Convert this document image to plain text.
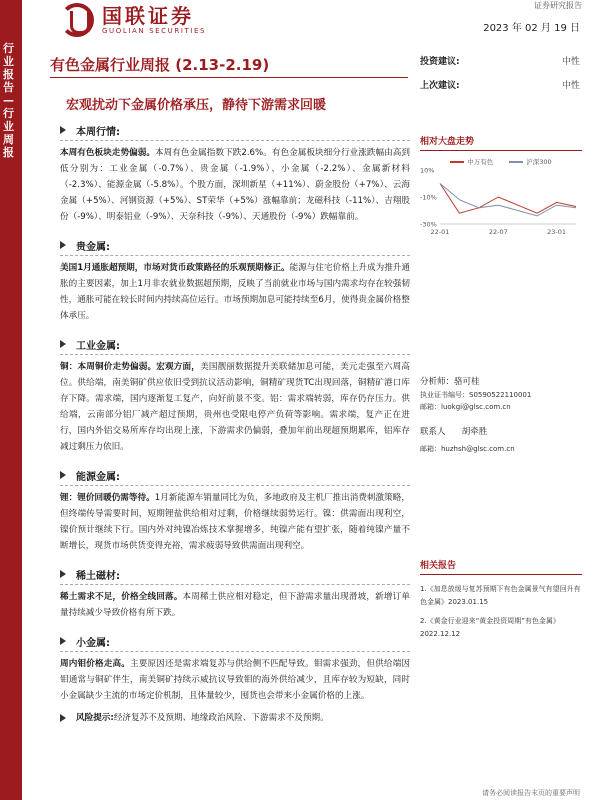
行业报告—行业周报
国联证券
GUOLIAN SECURITIES
证券研究报告
2023 年 02 月 19 日
有色金属行业周报 (2.13-2.19)
宏观扰动下金属价格承压，静待下游需求回暖
投资建议:	中性
上次建议:	中性
本周行情:
本周有色板块走势偏弱。本周有色金属指数下跌2.6%。有色金属板块细分行业涨跌幅由高到低分别为：工业金属（-0.7%）、贵金属（-1.9%）、小金属（-2.2%）、金属新材料（-2.3%）、能源金属（-5.8%）。个股方面，深圳新星（+11%）、蔚金股份（+7%）、云海金属（+5%）、河钢资源（+5%）、ST荣华（+5%）涨幅靠前；龙磁科技（-11%）、吉翔股份（-9%）、明泰铝业（-9%）、天奈科技（-9%）、天通股份（-9%）跌幅靠前。
贵金属:
美国1月通胀超预期，市场对货币政策路径的乐观预期修正。能源与住宅价格上升成为推升通胀的主要因素，加上1月非农就业数据超预期，反映了当前就业市场与国内需求均存在较强韧性，通胀可能在较长时间内持续高位运行。市场预期加息可能持续至6月，使得贵金属价格整体承压。
工业金属:
铜：本周铜价走势偏弱。宏观方面，美国靓丽数据提升美联储加息可能，美元走强至六周高位。供给端，南美铜矿供应依旧受到抗议活动影响，铜精矿现货TC出现回落，铜精矿港口库存下降。需求端，国内逐渐复工复产，向好前景不变。铝：需求端转弱，库存仍存压力。供给端，云南部分铝厂减产超过预期，贵州也受限电停产负荷等影响。需求端，复产正在进行，国内外铝交易所库存均出现上涨，下游需求仍偏弱，叠加年前出现超预期累库，铝库存减过剩压力依旧。
能源金属:
锂：锂价回暖仍需等待。1月新能源车销量同比为负，多地政府及主机厂推出消费刺激策略，但终端传导需要时间，短期锂盐供给相对过剩，价格继续弱势运行。镍：供需面出现利空，镍价预计继续下行。国内外对纯镍冶炼技术掌握增多，纯镍产能有望扩张，随着纯镍产量不断增长，现货市场供货变得充裕，需求疲弱导致供需面出现利空。
稀土磁材:
稀土需求不足，价格全线回落。本周稀土供应相对稳定，但下游需求量出现滑坡，新增订单量持续减少导致价格有所下跌。
小金属:
周内钼价格走高。主要原因还是需求端复苏与供给侧不匹配导致。钼需求强劲，但供给端因钼通常与铜矿伴生，南美铜矿持续示威抗议导致钼的海外供给减少，且库存较为短缺，同时小金属缺少主流的市场定价机制，且体量较少，囤货也会带来小金属价格的上涨。
风险提示:经济复苏不及预期、地缘政治风险、下游需求不及预期。
相对大盘走势
中万有色	沪深300
10%
-10%
-30%
22-01	22-07	23-01
分析师：骆可桂
执业证书编号：S0590522110001
邮箱：luokgi@glsc.com.cn
联系人 胡牵胜
邮箱：huzhsh@glsc.com.cn
相关报告
1.《加息放缓与复苏预期下有色金属景气有望回升有色金属》2023.01.15
2.《黄金行业迎来“黄金投资周期”有色金属》2022.12.12
请务必阅读报告末页的重要声明
